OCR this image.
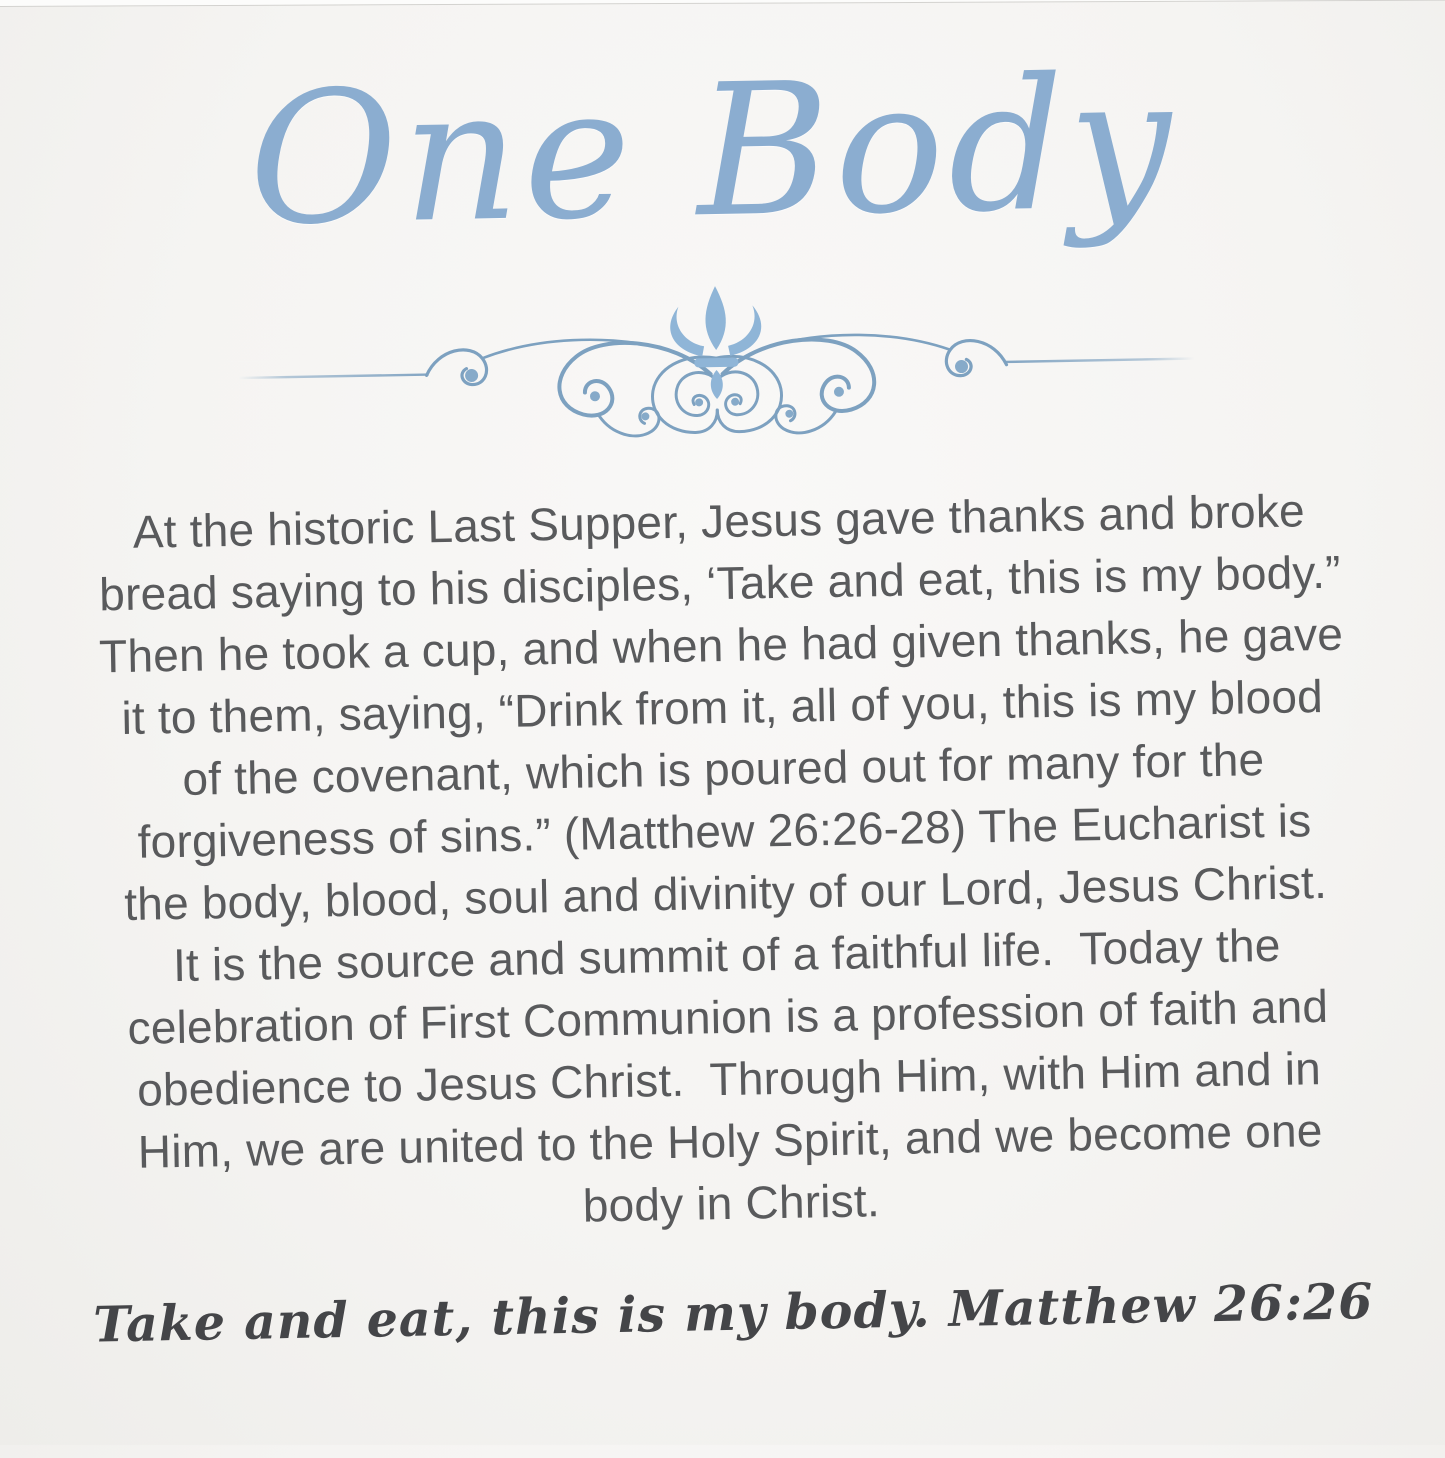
One Body
At the historic Last Supper, Jesus gave thanks and broke
bread saying to his disciples, ‘Take and eat, this is my body.”
Then he took a cup, and when he had given thanks, he gave
it to them, saying, “Drink from it, all of you, this is my blood
of the covenant, which is poured out for many for the
forgiveness of sins.” (Matthew 26:26-28) The Eucharist is
the body, blood, soul and divinity of our Lord, Jesus Christ.
It is the source and summit of a faithful life.  Today the
celebration of First Communion is a profession of faith and
obedience to Jesus Christ.  Through Him, with Him and in
Him, we are united to the Holy Spirit, and we become one
body in Christ.
Take and eat, this is my body. Matthew 26:26
